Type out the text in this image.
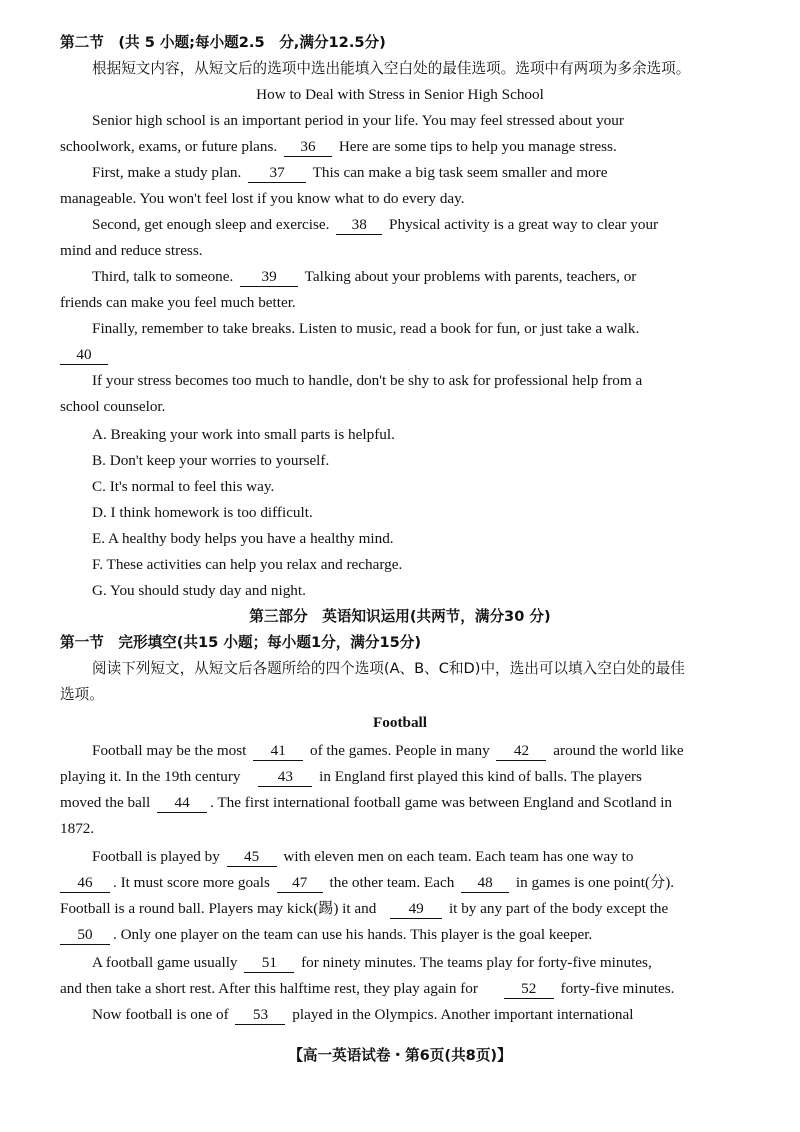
第二节　(共 5 小题;每小题2.5　分,满分12.5分)
根据短文内容，从短文后的选项中选出能填入空白处的最佳选项。选项中有两项为多余选项。
How to Deal with Stress in Senior High School
Senior high school is an important period in your life. You may feel stressed about your
schoolwork, exams, or future plans. 36 Here are some tips to help you manage stress.
First, make a study plan. 37 This can make a big task seem smaller and more
manageable. You won't feel lost if you know what to do every day.
Second, get enough sleep and exercise. 38 Physical activity is a great way to clear your
mind and reduce stress.
Third, talk to someone. 39 Talking about your problems with parents, teachers, or
friends can make you feel much better.
Finally, remember to take breaks. Listen to music, read a book for fun, or just take a walk.
40
If your stress becomes too much to handle, don't be shy to ask for professional help from a
school counselor.
A. Breaking your work into small parts is helpful.
B. Don't keep your worries to yourself.
C. It's normal to feel this way.
D. I think homework is too difficult.
E. A healthy body helps you have a healthy mind.
F. These activities can help you relax and recharge.
G. You should study day and night.
第三部分　英语知识运用(共两节，满分30 分)
第一节　完形填空(共15 小题；每小题1分，满分15分)
阅读下列短文，从短文后各题所给的四个选项(A、B、C和D)中，选出可以填入空白处的最佳
选项。
Football
Football may be the most 41 of the games. People in many 42 around the world like
playing it. In the 19th century 43 in England first played this kind of balls. The players
moved the ball 44 . The first international football game was between England and Scotland in
1872.
Football is played by 45 with eleven men on each team. Each team has one way to
46 . It must score more goals 47 the other team. Each 48 in games is one point(分).
Football is a round ball. Players may kick(踢) it and 49 it by any part of the body except the
50 . Only one player on the team can use his hands. This player is the goal keeper.
A football game usually 51 for ninety minutes. The teams play for forty-five minutes,
and then take a short rest. After this halftime rest, they play again for	52 forty-five minutes.
Now football is one of 53 played in the Olympics. Another important international
【高一英语试卷・第6页(共8页)】
